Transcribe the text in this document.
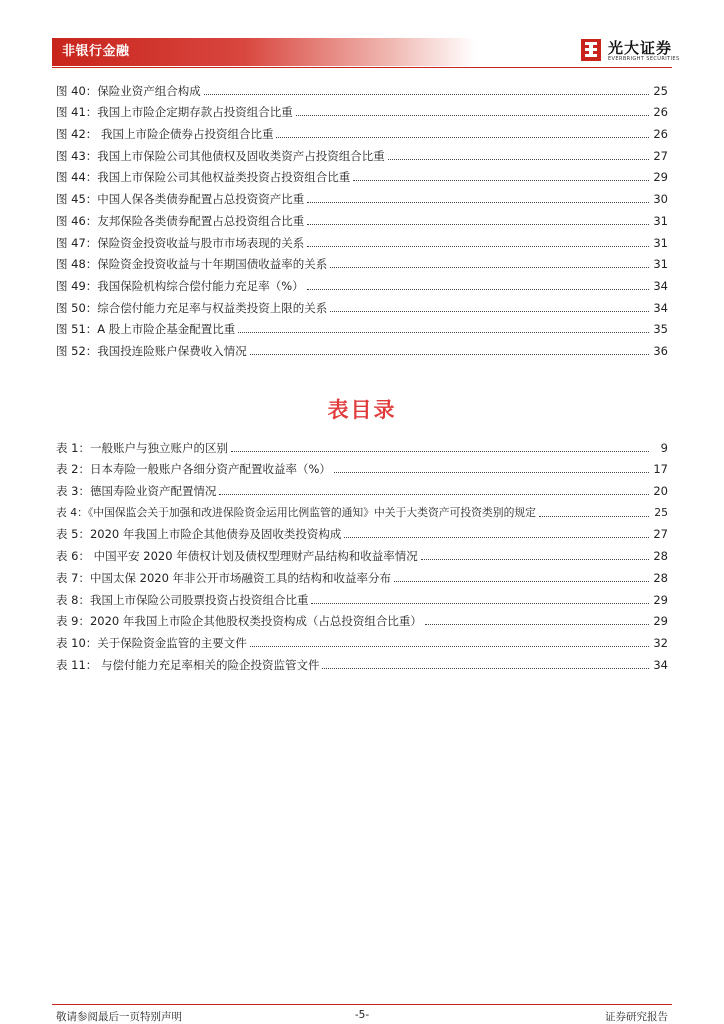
非银行金融	光大证券
EVERBRIGHT SECURITIES
图 40：保险业资产组合构成	25
图 41：我国上市险企定期存款占投资组合比重	26
图 42： 我国上市险企债券占投资组合比重	26
图 43：我国上市保险公司其他债权及固收类资产占投资组合比重	27
图 44：我国上市保险公司其他权益类投资占投资组合比重	29
图 45：中国人保各类债券配置占总投资资产比重	30
图 46：友邦保险各类债券配置占总投资组合比重	31
图 47：保险资金投资收益与股市市场表现的关系	31
图 48：保险资金投资收益与十年期国债收益率的关系	31
图 49：我国保险机构综合偿付能力充足率（%）	34
图 50：综合偿付能力充足率与权益类投资上限的关系	34
图 51：A 股上市险企基金配置比重	35
图 52：我国投连险账户保费收入情况	36
表目录
表 1：一般账户与独立账户的区别	9
表 2：日本寿险一般账户各细分资产配置收益率（%）	17
表 3：德国寿险业资产配置情况	20
表 4：《中国保监会关于加强和改进保险资金运用比例监管的通知》中关于大类资产可投资类别的规定	25
表 5：2020 年我国上市险企其他债券及固收类投资构成	27
表 6： 中国平安 2020 年债权计划及债权型理财产品结构和收益率情况	28
表 7：中国太保 2020 年非公开市场融资工具的结构和收益率分布	28
表 8：我国上市保险公司股票投资占投资组合比重	29
表 9：2020 年我国上市险企其他股权类投资构成（占总投资组合比重）	29
表 10：关于保险资金监管的主要文件	32
表 11： 与偿付能力充足率相关的险企投资监管文件	34
敬请参阅最后一页特别声明	-5-	证券研究报告
